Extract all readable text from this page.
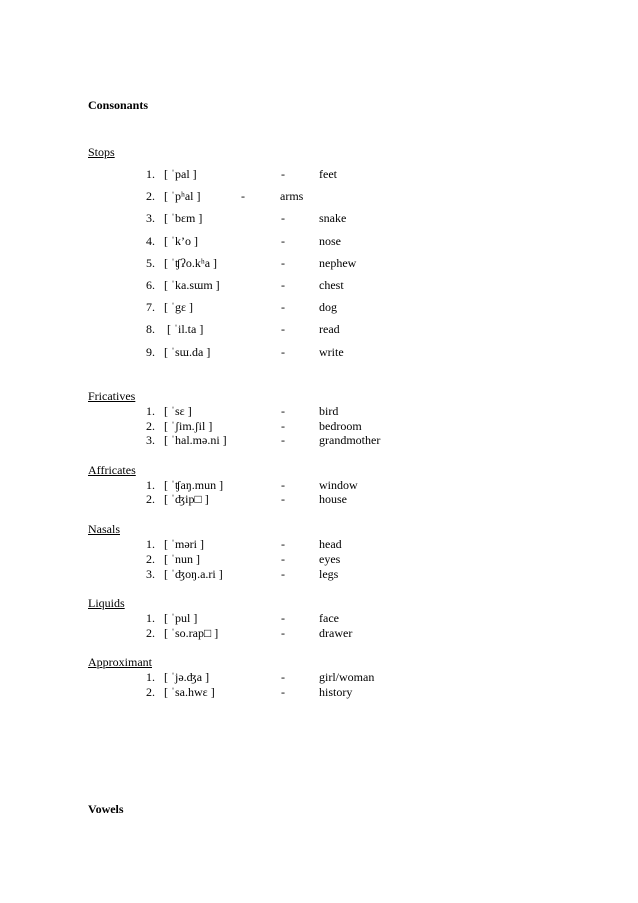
Consonants
Stops
1. [ ˈpal ]	-	feet
2. [ ˈpʰal ]	-	arms
3. [ ˈbɛm ]	-	snake
4. [ ˈk’o ]	-	nose
5. [ ˈʧʔo.kʰa ]	-	nephew
6. [ ˈka.sɯm ]	-	chest
7. [ ˈgɛ ]	-	dog
8. [ ˈil.ta ]	-	read
9. [ ˈsɯ.da ]	-	write
Fricatives
1. [ ˈsɛ ]	-	bird
2. [ ˈʃim.ʃil ]	-	bedroom
3. [ ˈhal.mə.ni ]	-	grandmother
Affricates
1. [ ˈʧaŋ.mun ]	-	window
2. [ ˈʤip□ ]	-	house
Nasals
1. [ ˈməri ]	-	head
2. [ ˈnun ]	-	eyes
3. [ ˈʤoŋ.a.ri ]	-	legs
Liquids
1. [ ˈpul ]	-	face
2. [ ˈso.rap□ ]	-	drawer
Approximant
1. [ ˈjə.ʤa ]	-	girl/woman
2. [ ˈsa.hwɛ ]	-	history
Vowels
